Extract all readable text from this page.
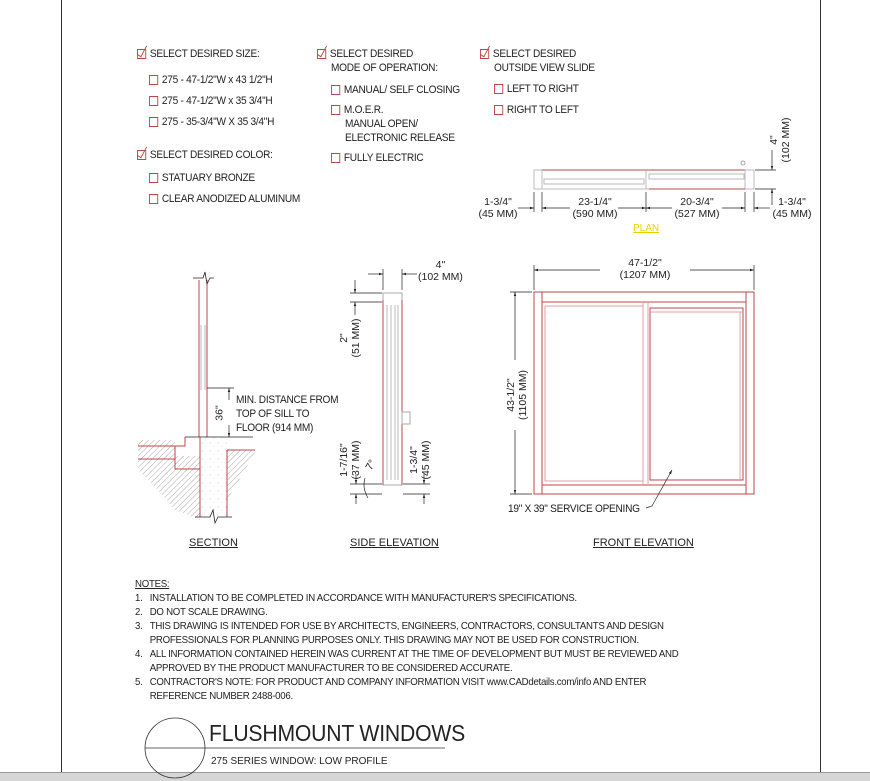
SELECT DESIRED SIZE:
275 - 47-1/2"W x 43 1/2"H
275 - 47-1/2"W x 35 3/4"H
275 - 35-3/4"W X 35 3/4"H
SELECT DESIRED COLOR:
STATUARY BRONZE
CLEAR ANODIZED ALUMINUM
SELECT DESIRED
MODE OF OPERATION:
MANUAL/ SELF CLOSING
M.O.E.R.
MANUAL OPEN/
ELECTRONIC RELEASE
FULLY ELECTRIC
SELECT DESIRED
OUTSIDE VIEW SLIDE
LEFT TO RIGHT
RIGHT TO LEFT
1-3/4"
(45 MM)
23-1/4"
(590 MM)
20-3/4"
(527 MM)
1-3/4"
(45 MM)
4" (102 MM)
PLAN
MIN. DISTANCE FROM
TOP OF SILL TO
FLOOR (914 MM)
36"
SECTION
4"
(102 MM)
2" (51 MM)
1-7/16" (37 MM)	1-3/4" (45 MM)
7°
SIDE ELEVATION
47-1/2"
(1207 MM)
43-1/2" (1105 MM)
19" X 39" SERVICE OPENING
FRONT ELEVATION
NOTES:
1. INSTALLATION TO BE COMPLETED IN ACCORDANCE WITH MANUFACTURER'S SPECIFICATIONS.
2. DO NOT SCALE DRAWING.
3. THIS DRAWING IS INTENDED FOR USE BY ARCHITECTS, ENGINEERS, CONTRACTORS, CONSULTANTS AND DESIGN
PROFESSIONALS FOR PLANNING PURPOSES ONLY. THIS DRAWING MAY NOT BE USED FOR CONSTRUCTION.
4. ALL INFORMATION CONTAINED HEREIN WAS CURRENT AT THE TIME OF DEVELOPMENT BUT MUST BE REVIEWED AND
APPROVED BY THE PRODUCT MANUFACTURER TO BE CONSIDERED ACCURATE.
5. CONTRACTOR'S NOTE: FOR PRODUCT AND COMPANY INFORMATION VISIT www.CADdetails.com/info AND ENTER
REFERENCE NUMBER 2488-006.
FLUSHMOUNT WINDOWS
275 SERIES WINDOW: LOW PROFILE
